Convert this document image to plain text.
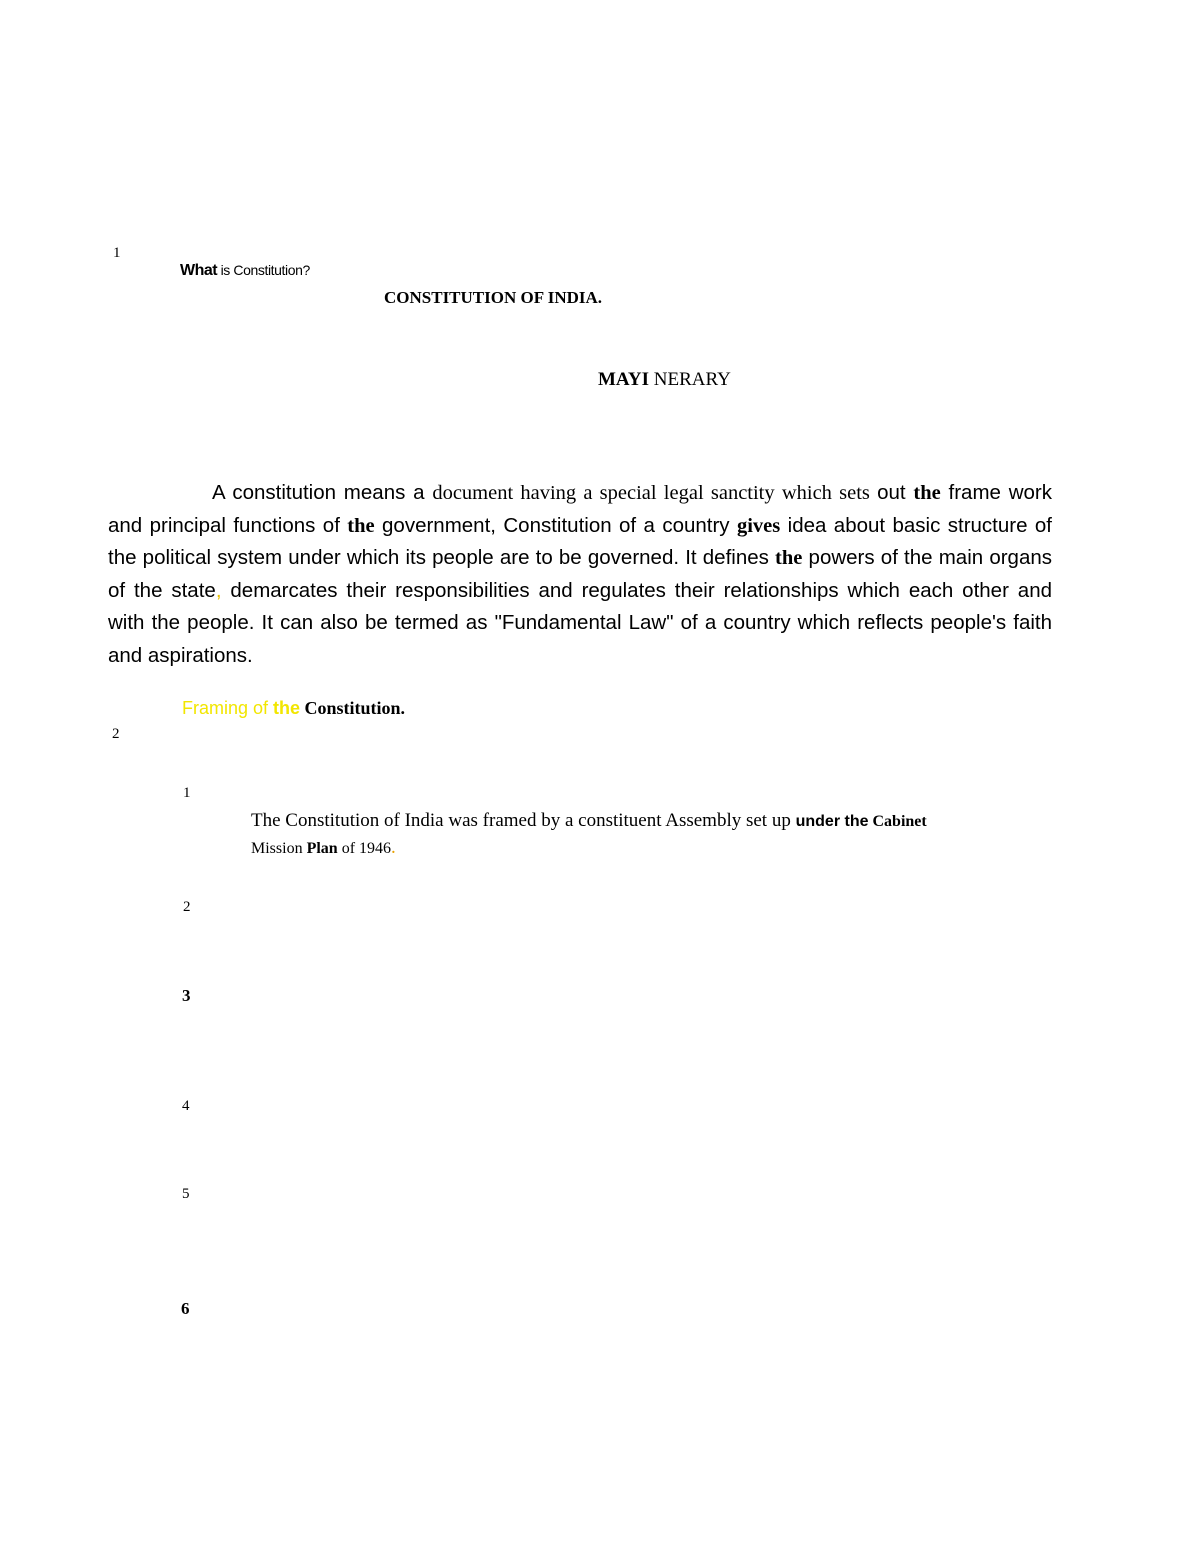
1
What is Constitution?
CONSTITUTION OF INDIA.
MAYI NERARY

A constitution means a document having a special legal sanctity which sets out the frame work and principal functions of the government, Constitution of a country gives idea about basic structure of the political system under which its people are to be governed. It defines the powers of the main organs of the state, demarcates their responsibilities and regulates their relationships which each other and with the people. It can also be termed as "Fundamental Law" of a country which reflects people's faith and aspirations.

Framing of the Constitution.
2
1
The Constitution of India was framed by a constituent Assembly set up under the Cabinet
Mission Plan of 1946.
2
3
4
5
6
